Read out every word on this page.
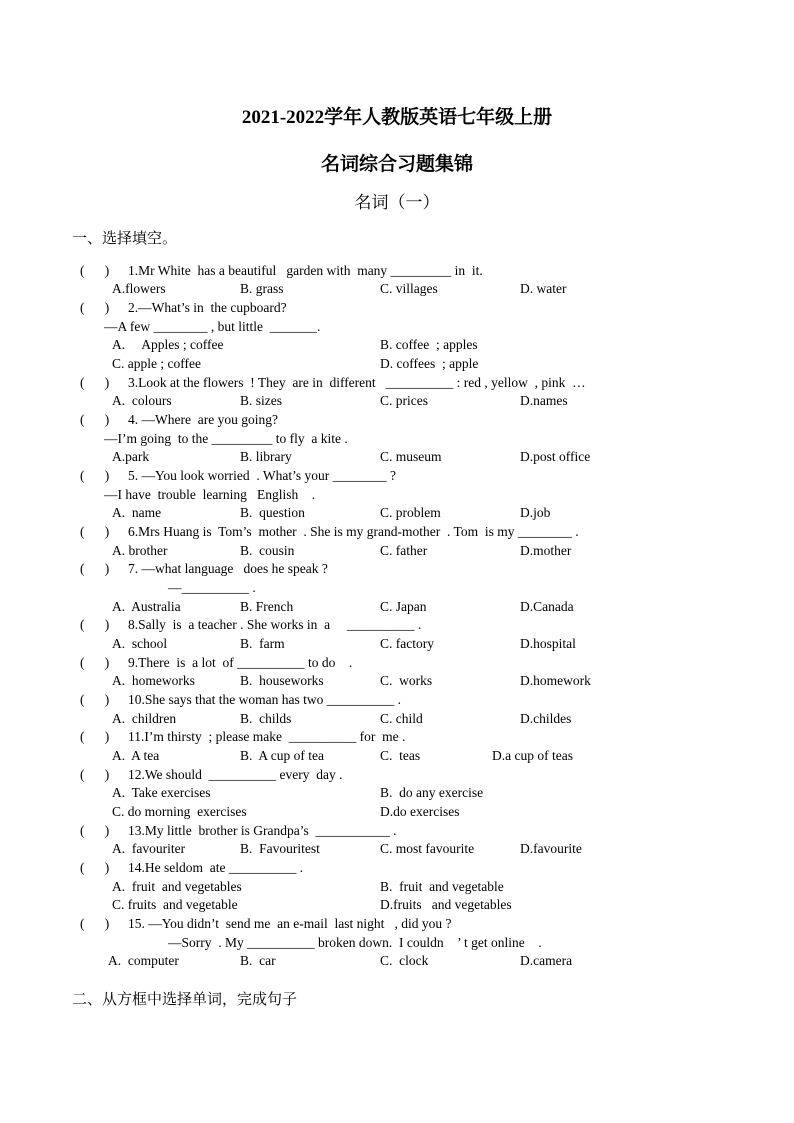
2021-2022学年人教版英语七年级上册
名词综合习题集锦
名词（一）
一、选择填空。
(      ) 1.Mr White  has a beautiful   garden with  many _________ in  it.
A.flowers	B. grass	C. villages	D. water
(      ) 2.—What’s in  the cupboard?
—A few ________ , but little  _______.
A.     Apples ; coffee	B. coffee  ; apples
C. apple ; coffee	D. coffees  ; apple
(      ) 3.Look at the flowers  ! They  are in  different   __________ : red , yellow  , pink  …
A.  colours	B. sizes	C. prices	D.names
(      ) 4. —Where  are you going?
—I’m going  to the _________ to fly  a kite .
A.park	B. library	C. museum	D.post office
(      ) 5. —You look worried  . What’s your ________ ?
—I have  trouble  learning   English    .
A.  name	B.  question	C. problem	D.job
(      ) 6.Mrs Huang is  Tom’s  mother  . She is my grand-mother  . Tom  is my ________ .
A. brother	B.  cousin	C. father	D.mother
(      ) 7. —what language   does he speak ?
—__________ .
A.  Australia	B. French	C. Japan	D.Canada
(      ) 8.Sally  is  a teacher . She works in  a     __________ .
A.  school	B.  farm	C. factory	D.hospital
(      ) 9.There  is  a lot  of __________ to do    .
A.  homeworks	B.  houseworks	C.  works	D.homework
(      ) 10.She says that the woman has two __________ .
A.  children	B.  childs	C. child	D.childes
(      ) 11.I’m thirsty  ; please make  __________ for  me .
A.  A tea	B.  A cup of tea	C.  teas	D.a cup of teas
(      ) 12.We should  __________ every  day .
A.  Take exercises	B.  do any exercise
C. do morning  exercises	D.do exercises
(      ) 13.My little  brother is Grandpa’s  ___________ .
A.  favouriter	B.  Favouritest	C. most favourite	D.favourite
(      ) 14.He seldom  ate __________ .
A.  fruit  and vegetables	B.  fruit  and vegetable
C. fruits  and vegetable	D.fruits   and vegetables
(      ) 15. —You didn’t  send me  an e-mail  last night   , did you ?
—Sorry  . My __________ broken down.  I couldn    ’ t get online    .
A.  computer	B.  car	C.  clock	D.camera
二、从方框中选择单词，完成句子
